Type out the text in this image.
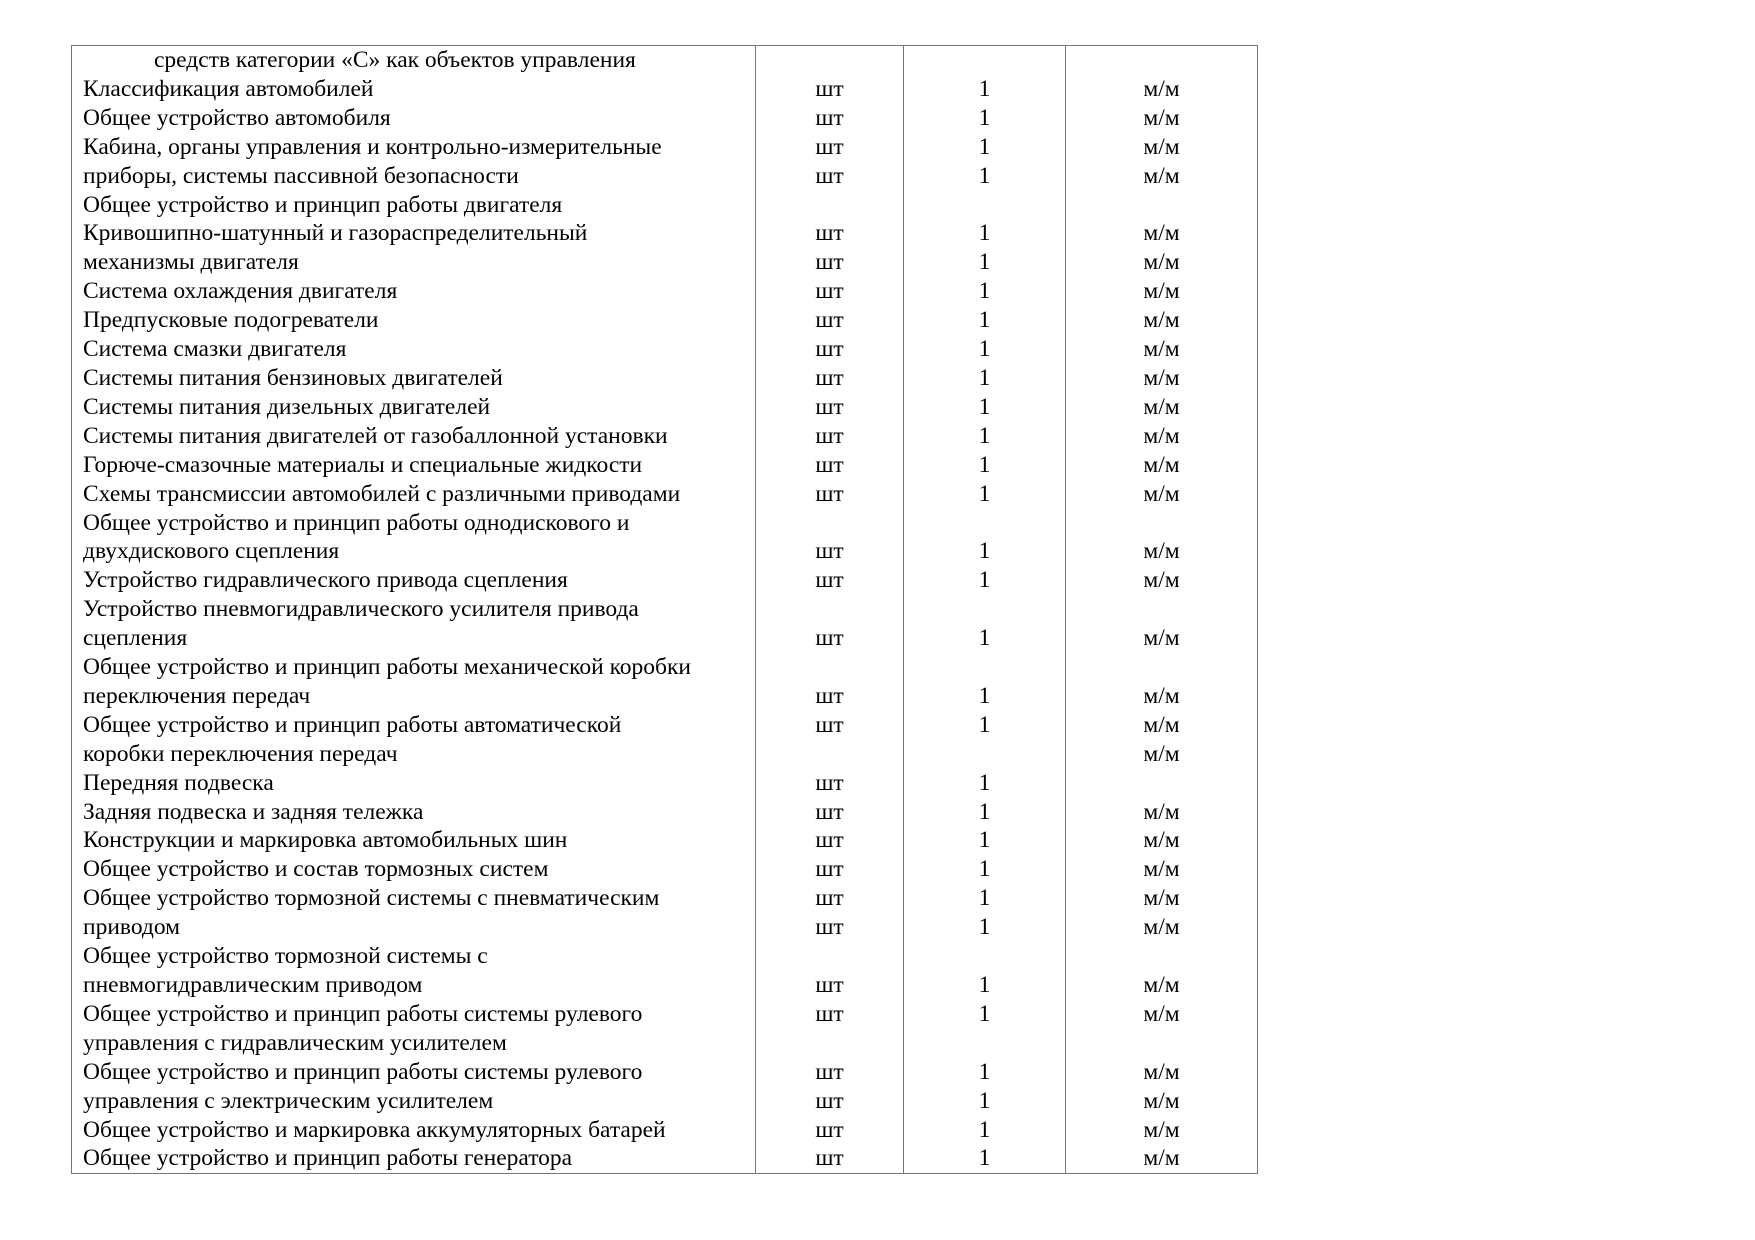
средств категории «С» как объектов управления			
Классификация автомобилей	шт	1	м/м
Общее устройство автомобиля	шт	1	м/м
Кабина, органы управления и контрольно-измерительные	шт	1	м/м
приборы, системы пассивной безопасности	шт	1	м/м
Общее устройство и принцип работы двигателя			
Кривошипно-шатунный и газораспределительный	шт	1	м/м
механизмы двигателя	шт	1	м/м
Система охлаждения двигателя	шт	1	м/м
Предпусковые подогреватели	шт	1	м/м
Система смазки двигателя	шт	1	м/м
Системы питания бензиновых двигателей	шт	1	м/м
Системы питания дизельных двигателей	шт	1	м/м
Системы питания двигателей от газобаллонной установки	шт	1	м/м
Горюче-смазочные материалы и специальные жидкости	шт	1	м/м
Схемы трансмиссии автомобилей с различными приводами	шт	1	м/м
Общее устройство и принцип работы однодискового и			
двухдискового сцепления	шт	1	м/м
Устройство гидравлического привода сцепления	шт	1	м/м
Устройство пневмогидравлического усилителя привода			
сцепления	шт	1	м/м
Общее устройство и принцип работы механической коробки			
переключения передач	шт	1	м/м
Общее устройство и принцип работы автоматической	шт	1	м/м
коробки переключения передач			м/м
Передняя подвеска	шт	1	
Задняя подвеска и задняя тележка	шт	1	м/м
Конструкции и маркировка автомобильных шин	шт	1	м/м
Общее устройство и состав тормозных систем	шт	1	м/м
Общее устройство тормозной системы с пневматическим	шт	1	м/м
приводом	шт	1	м/м
Общее устройство тормозной системы с			
пневмогидравлическим приводом	шт	1	м/м
Общее устройство и принцип работы системы рулевого	шт	1	м/м
управления с гидравлическим усилителем			
Общее устройство и принцип работы системы рулевого	шт	1	м/м
управления с электрическим усилителем	шт	1	м/м
Общее устройство и маркировка аккумуляторных батарей	шт	1	м/м
Общее устройство и принцип работы генератора	шт	1	м/м
